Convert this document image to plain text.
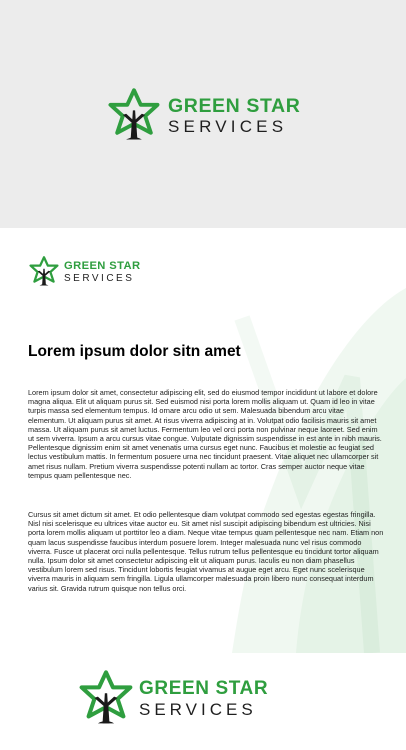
GREEN STAR
SERVICES
GREEN STAR
SERVICES
Lorem ipsum dolor sitn amet

Lorem ipsum dolor sit amet, consectetur adipiscing elit, sed do eiusmod tempor incididunt ut labore et dolore magna aliqua. Elit ut aliquam purus sit. Sed euismod nisi porta lorem mollis aliquam ut. Quam id leo in vitae turpis massa sed elementum tempus. Id ornare arcu odio ut sem. Malesuada bibendum arcu vitae elementum. Ut aliquam purus sit amet. At risus viverra adipiscing at in. Volutpat odio facilisis mauris sit amet massa. Ut aliquam purus sit amet luctus. Fermentum leo vel orci porta non pulvinar neque laoreet. Sed enim ut sem viverra. Ipsum a arcu cursus vitae congue. Vulputate dignissim suspendisse in est ante in nibh mauris. Pellentesque dignissim enim sit amet venenatis urna cursus eget nunc. Faucibus et molestie ac feugiat sed lectus vestibulum mattis. In fermentum posuere urna nec tincidunt praesent. Vitae aliquet nec ullamcorper sit amet risus nullam. Pretium viverra suspendisse potenti nullam ac tortor. Cras semper auctor neque vitae tempus quam pellentesque nec.

Cursus sit amet dictum sit amet. Et odio pellentesque diam volutpat commodo sed egestas egestas fringilla. Nisl nisi scelerisque eu ultrices vitae auctor eu. Sit amet nisl suscipit adipiscing bibendum est ultricies. Nisi porta lorem mollis aliquam ut porttitor leo a diam. Neque vitae tempus quam pellentesque nec nam. Etiam non quam lacus suspendisse faucibus interdum posuere lorem. Integer malesuada nunc vel risus commodo viverra. Fusce ut placerat orci nulla pellentesque. Tellus rutrum tellus pellentesque eu tincidunt tortor aliquam nulla. Ipsum dolor sit amet consectetur adipiscing elit ut aliquam purus. Iaculis eu non diam phasellus vestibulum lorem sed risus. Tincidunt lobortis feugiat vivamus at augue eget arcu. Eget nunc scelerisque viverra mauris in aliquam sem fringilla. Ligula ullamcorper malesuada proin libero nunc consequat interdum varius sit. Gravida rutrum quisque non tellus orci.

GREEN STAR
SERVICES
